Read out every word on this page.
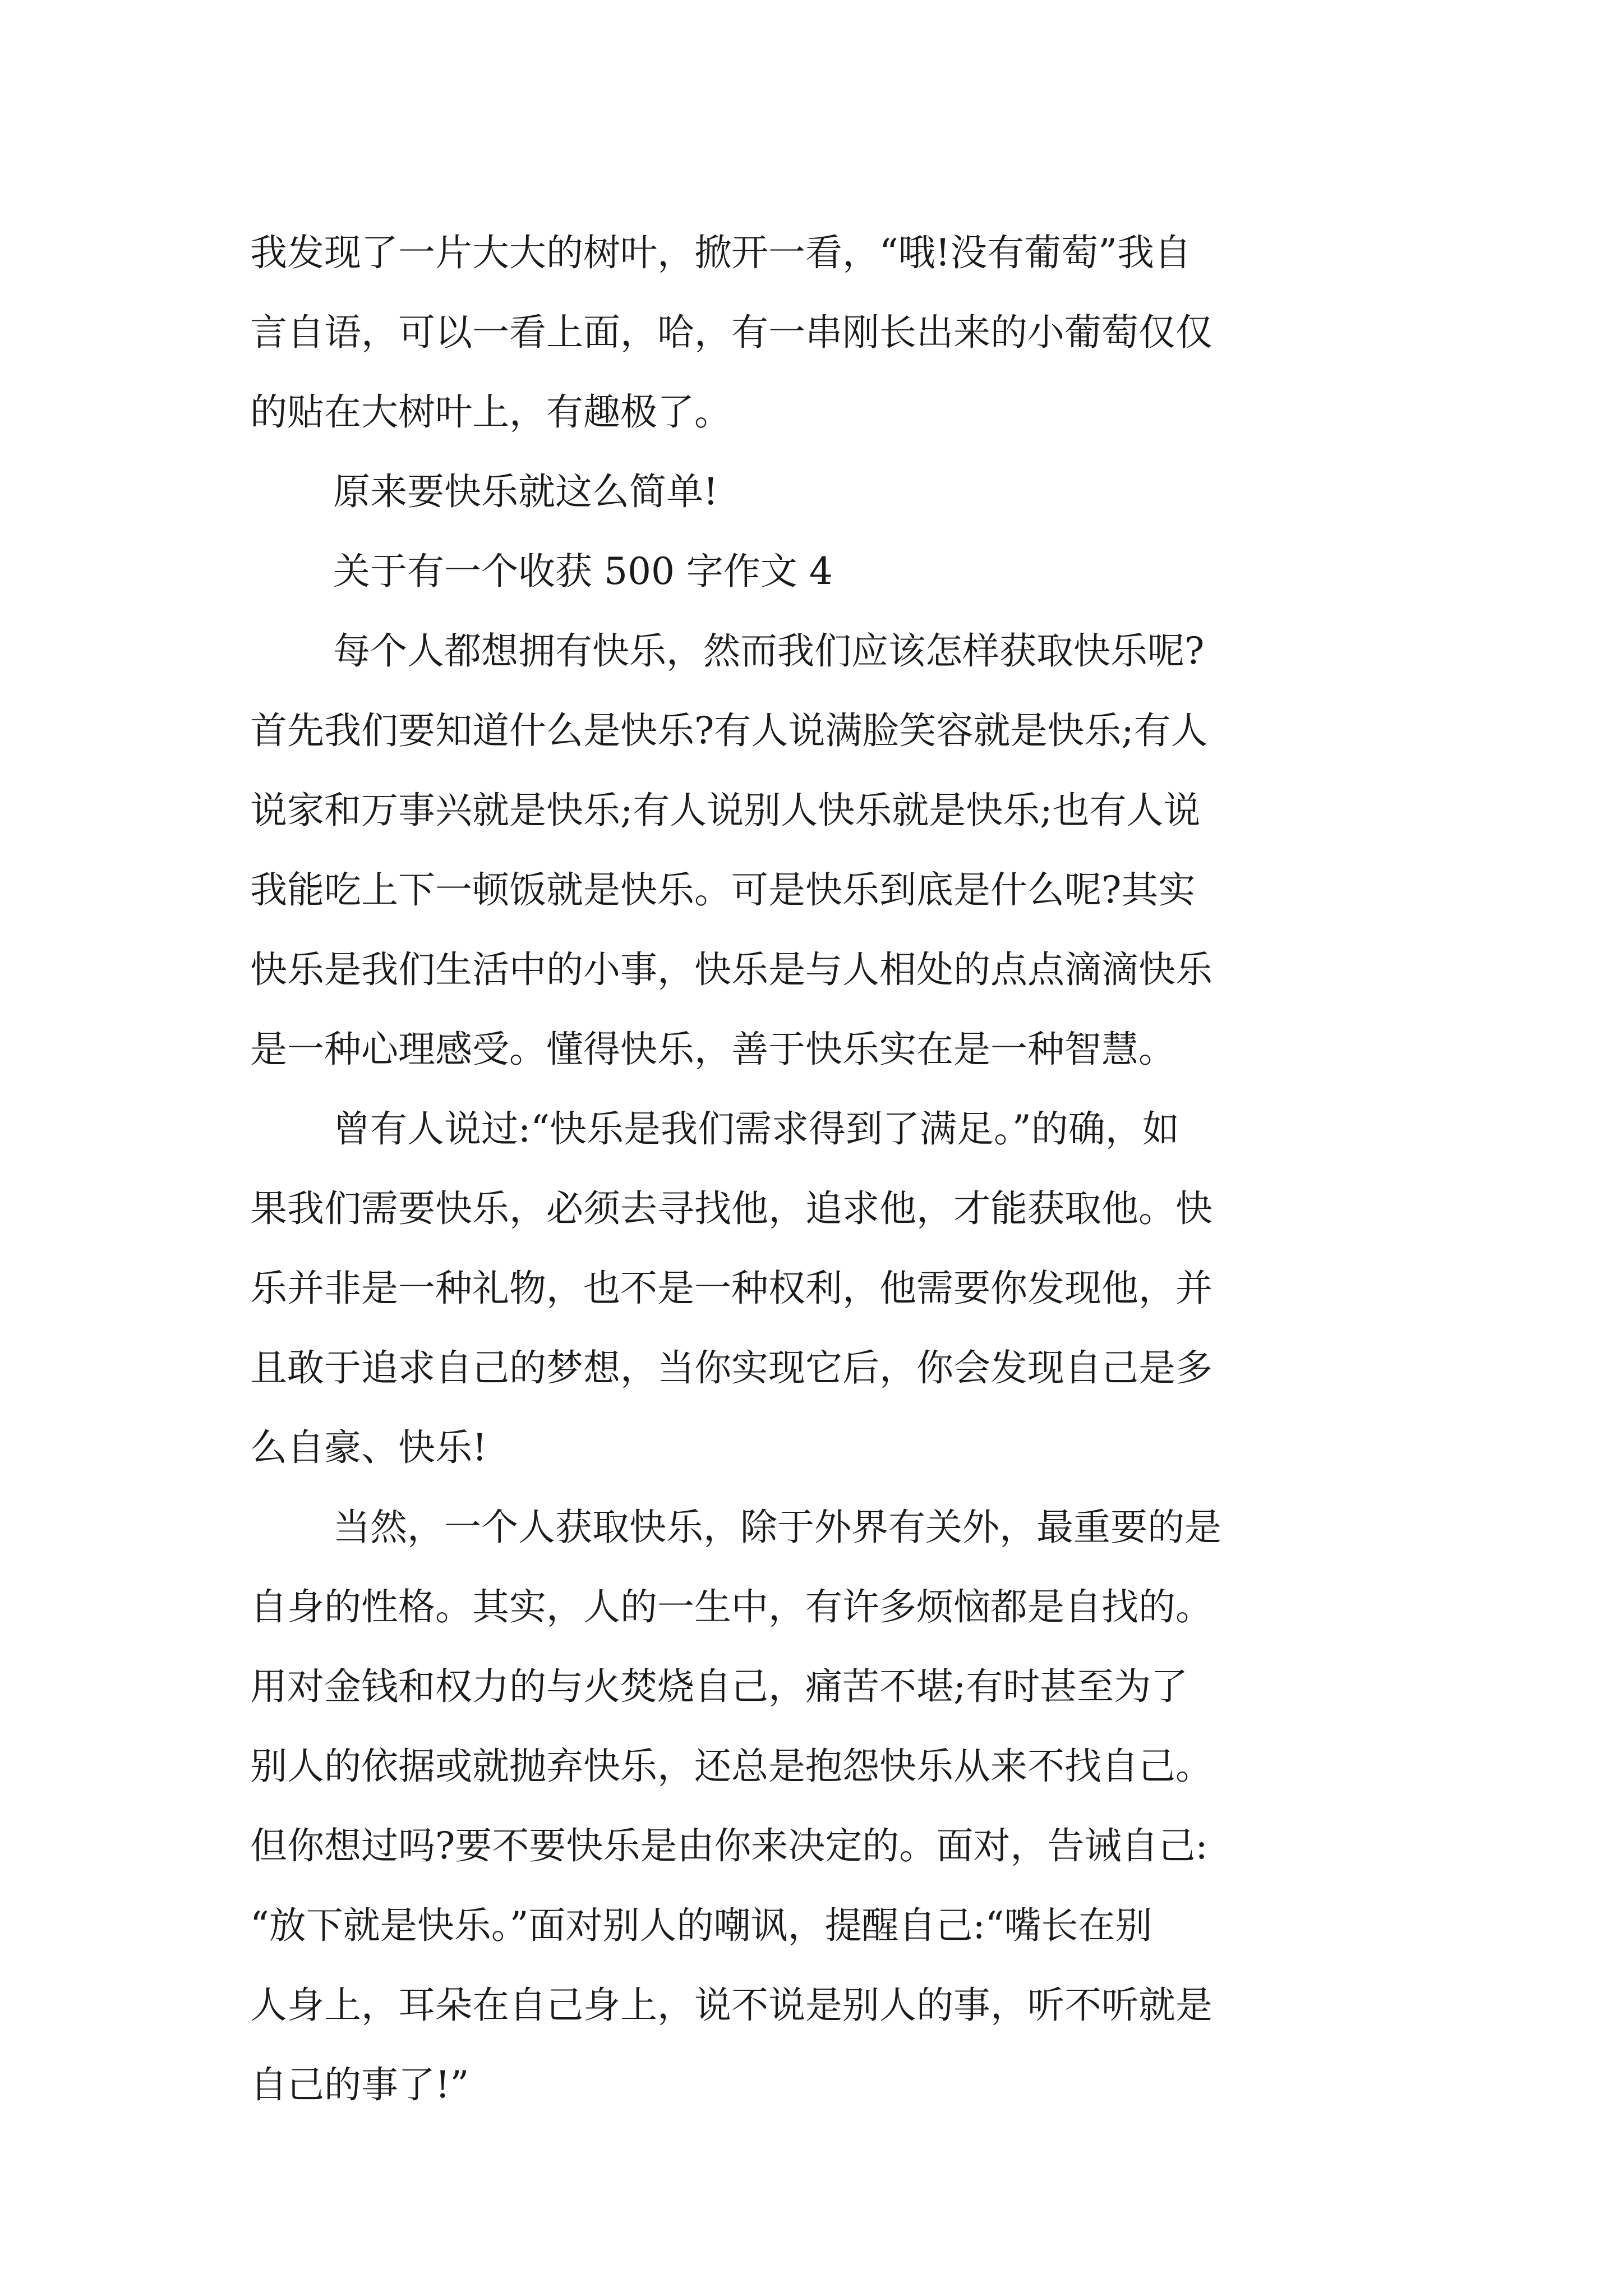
我发现了一片大大的树叶，掀开一看，“哦!没有葡萄”我自
言自语，可以一看上面，哈，有一串刚长出来的小葡萄仅仅
的贴在大树叶上，有趣极了。
原来要快乐就这么简单!
关于有一个收获 500 字作文 4
每个人都想拥有快乐，然而我们应该怎样获取快乐呢?
首先我们要知道什么是快乐?有人说满脸笑容就是快乐;有人
说家和万事兴就是快乐;有人说别人快乐就是快乐;也有人说
我能吃上下一顿饭就是快乐。可是快乐到底是什么呢?其实
快乐是我们生活中的小事，快乐是与人相处的点点滴滴快乐
是一种心理感受。懂得快乐，善于快乐实在是一种智慧。
曾有人说过:“快乐是我们需求得到了满足。”的确，如
果我们需要快乐，必须去寻找他，追求他，才能获取他。快
乐并非是一种礼物，也不是一种权利，他需要你发现他，并
且敢于追求自己的梦想，当你实现它后，你会发现自己是多
么自豪、快乐!
当然，一个人获取快乐，除于外界有关外，最重要的是
自身的性格。其实，人的一生中，有许多烦恼都是自找的。
用对金钱和权力的与火焚烧自己，痛苦不堪;有时甚至为了
别人的依据或就抛弃快乐，还总是抱怨快乐从来不找自己。
但你想过吗?要不要快乐是由你来决定的。面对，告诫自己:
“放下就是快乐。”面对别人的嘲讽，提醒自己:“嘴长在别
人身上，耳朵在自己身上，说不说是别人的事，听不听就是
自己的事了!”
